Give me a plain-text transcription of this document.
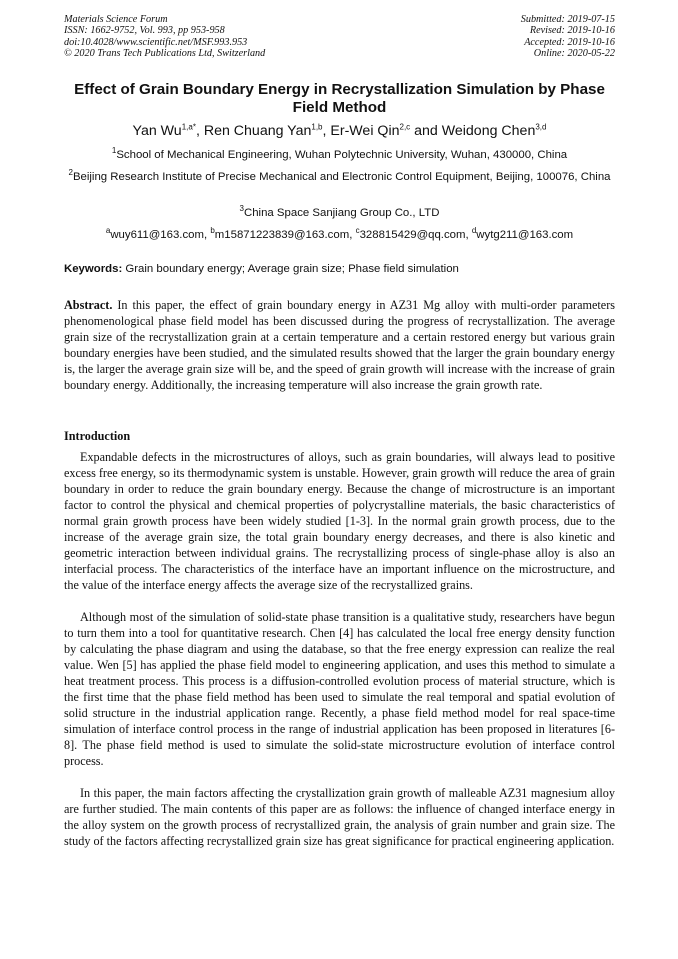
Materials Science Forum
ISSN: 1662-9752, Vol. 993, pp 953-958
doi:10.4028/www.scientific.net/MSF.993.953
© 2020 Trans Tech Publications Ltd, Switzerland
Submitted: 2019-07-15
Revised: 2019-10-16
Accepted: 2019-10-16
Online: 2020-05-22
Effect of Grain Boundary Energy in Recrystallization Simulation by Phase Field Method
Yan $Wu^{1,a*}$, Ren Chuang Yan$^{1,b}$, Er-Wei Qin$^{2,c}$ and Weidong Chen$^{3,d}$
$^1$School of Mechanical Engineering, Wuhan Polytechnic University, Wuhan, 430000, China
$^2$Beijing Research Institute of Precise Mechanical and Electronic Control Equipment, Beijing, 100076, China
$^3$China Space Sanjiang Group Co., LTD
$^a$wuy611@163.com, $^b$m15871223839@163.com, $^c$328815429@qq.com, $^d$wytg211@163.com
Keywords: Grain boundary energy; Average grain size; Phase field simulation
Abstract. In this paper, the effect of grain boundary energy in AZ31 Mg alloy with multi-order parameters phenomenological phase field model has been discussed during the progress of recrystallization. The average grain size of the recrystallization grain at a certain temperature and a certain restored energy but various grain boundary energies have been studied, and the simulated results showed that the larger the grain boundary energy is, the larger the average grain size will be, and the speed of grain growth will increase with the increase of grain boundary energy. Additionally, the increasing temperature will also increase the grain growth rate.
Introduction
Expandable defects in the microstructures of alloys, such as grain boundaries, will always lead to positive excess free energy, so its thermodynamic system is unstable. However, grain growth will reduce the area of grain boundary in order to reduce the grain boundary energy. Because the change of microstructure is an important factor to control the physical and chemical properties of polycrystalline materials, the basic characteristics of normal grain growth process have been widely studied [1-3]. In the normal grain growth process, due to the increase of the average grain size, the total grain boundary energy decreases, and there is also kinetic and geometric interaction between individual grains. The recrystallizing process of single-phase alloy is also an interfacial process. The characteristics of the interface have an important influence on the microstructure, and the value of the interface energy affects the average size of the recrystallized grains.
Although most of the simulation of solid-state phase transition is a qualitative study, researchers have begun to turn them into a tool for quantitative research. Chen [4] has calculated the local free energy density function by calculating the phase diagram and using the database, so that the free energy expression can realize the real value. Wen [5] has applied the phase field model to engineering application, and uses this method to simulate a heat treatment process. This process is a diffusion-controlled evolution process of material structure, which is the first time that the phase field method has been used to simulate the real temporal and spatial evolution of solid structure in the industrial application range. Recently, a phase field method model for real space-time simulation of interface control process in the range of industrial application has been proposed in literatures [6-8]. The phase field method is used to simulate the solid-state microstructure evolution of interface control process.
In this paper, the main factors affecting the crystallization grain growth of malleable AZ31 magnesium alloy are further studied. The main contents of this paper are as follows: the influence of changed interface energy in the alloy system on the growth process of recrystallized grain, the analysis of grain number and grain size. The study of the factors affecting recrystallized grain size has great significance for practical engineering application.
